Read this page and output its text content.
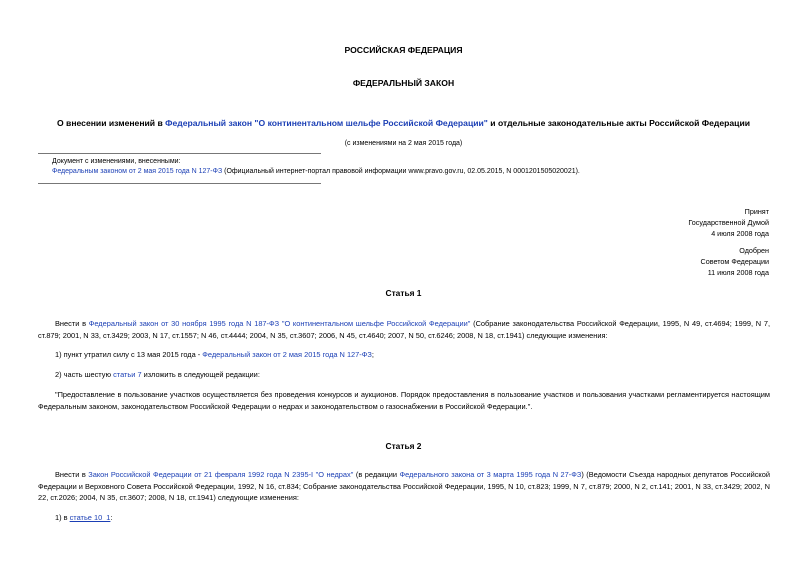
РОССИЙСКАЯ ФЕДЕРАЦИЯ
ФЕДЕРАЛЬНЫЙ ЗАКОН
О внесении изменений в Федеральный закон "О континентальном шельфе Российской Федерации" и отдельные законодательные акты Российской Федерации
(с изменениями на 2 мая 2015 года)
Документ с изменениями, внесенными:
Федеральным законом от 2 мая 2015 года N 127-ФЗ (Официальный интернет-портал правовой информации www.pravo.gov.ru, 02.05.2015, N 0001201505020021).
Принят
Государственной Думой
4 июля 2008 года
Одобрен
Советом Федерации
11 июля 2008 года
Статья 1
Внести в Федеральный закон от 30 ноября 1995 года N 187-ФЗ "О континентальном шельфе Российской Федерации" (Собрание законодательства Российской Федерации, 1995, N 49, ст.4694; 1999, N 7, ст.879; 2001, N 33, ст.3429; 2003, N 17, ст.1557; N 46, ст.4444; 2004, N 35, ст.3607; 2006, N 45, ст.4640; 2007, N 50, ст.6246; 2008, N 18, ст.1941) следующие изменения:
1) пункт утратил силу с 13 мая 2015 года - Федеральный закон от 2 мая 2015 года N 127-ФЗ;
2) часть шестую статьи 7 изложить в следующей редакции:
"Предоставление в пользование участков осуществляется без проведения конкурсов и аукционов. Порядок предоставления в пользование участков и пользования участками регламентируется настоящим Федеральным законом, законодательством Российской Федерации о недрах и законодательством о газоснабжении в Российской Федерации.".
Статья 2
Внести в Закон Российской Федерации от 21 февраля 1992 года N 2395-I "О недрах" (в редакции Федерального закона от 3 марта 1995 года N 27-ФЗ) (Ведомости Съезда народных депутатов Российской Федерации и Верховного Совета Российской Федерации, 1992, N 16, ст.834; Собрание законодательства Российской Федерации, 1995, N 10, ст.823; 1999, N 7, ст.879; 2000, N 2, ст.141; 2001, N 33, ст.3429; 2002, N 22, ст.2026; 2004, N 35, ст.3607; 2008, N 18, ст.1941) следующие изменения:
1) в статье 10_1:
